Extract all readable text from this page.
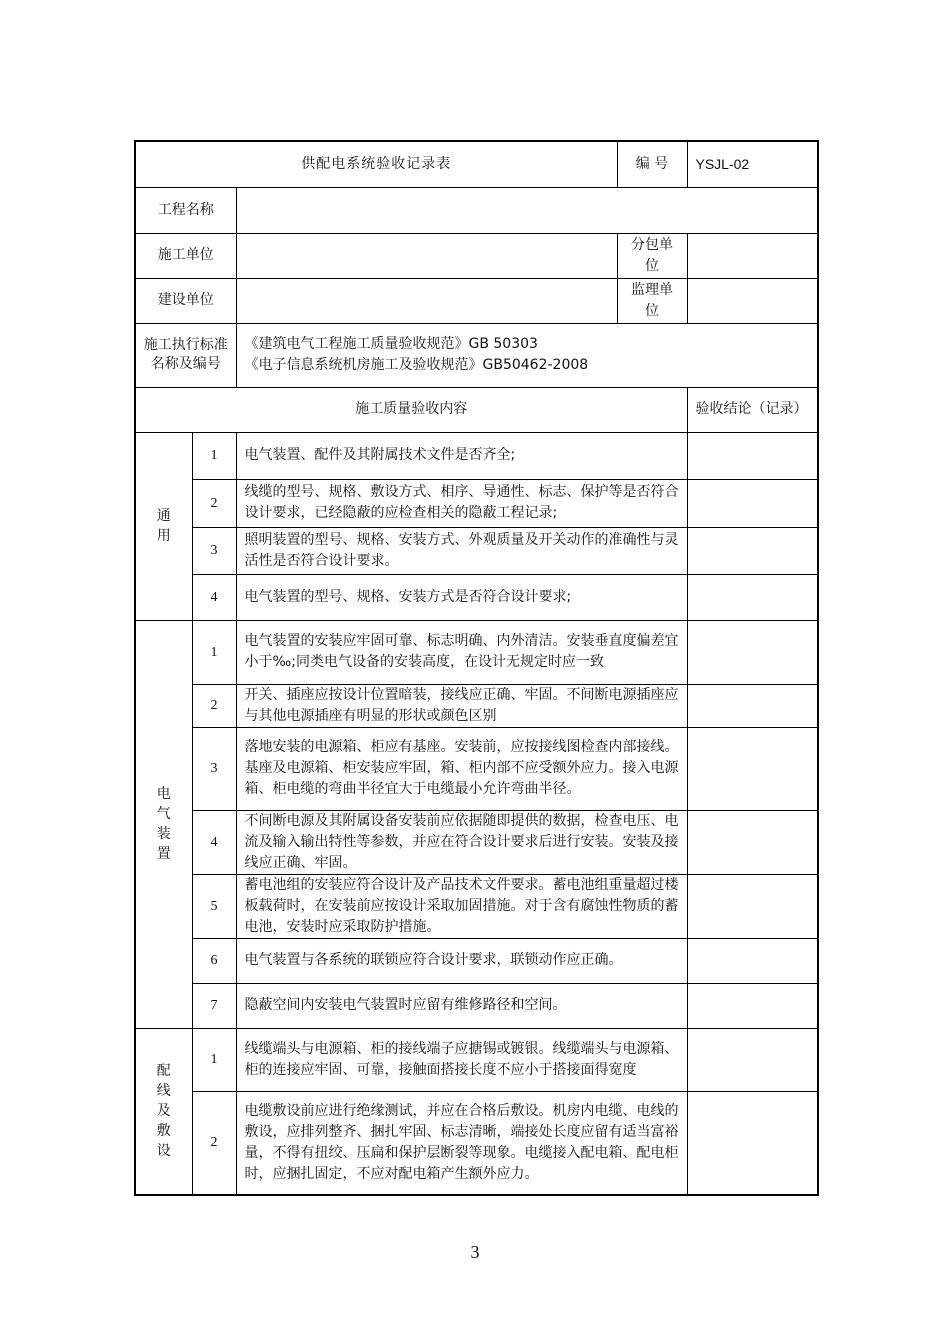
供配电系统验收记录表			编 号	YSJL-02
工程名称				
施工单位			分包单位	
建设单位			监理单位	
施工执行标准名称及编号		《建筑电气工程施工质量验收规范》GB 50303
《电子信息系统机房施工及验收规范》GB50462-2008		

施工质量验收内容				验收结论（记录）

通用	1	电气装置、配件及其附属技术文件是否齐全;		
	2	线缆的型号、规格、敷设方式、相序、导通性、标志、保护等是否符合设计要求，已经隐蔽的应检查相关的隐蔽工程记录;		
	3	照明装置的型号、规格、安装方式、外观质量及开关动作的准确性与灵活性是否符合设计要求。		
	4	电气装置的型号、规格、安装方式是否符合设计要求;		

电气装置	1	电气装置的安装应牢固可靠、标志明确、内外清洁。安装垂直度偏差宜小于‰;同类电气设备的安装高度，在设计无规定时应一致		
	2	开关、插座应按设计位置暗装，接线应正确、牢固。不间断电源插座应与其他电源插座有明显的形状或颜色区别		
	3	落地安装的电源箱、柜应有基座。安装前，应按接线图检查内部接线。基座及电源箱、柜安装应牢固，箱、柜内部不应受额外应力。接入电源箱、柜电缆的弯曲半径宜大于电缆最小允许弯曲半径。		
	4	不间断电源及其附属设备安装前应依据随即提供的数据，检查电压、电流及输入输出特性等参数，并应在符合设计要求后进行安装。安装及接线应正确、牢固。		
	5	蓄电池组的安装应符合设计及产品技术文件要求。蓄电池组重量超过楼板载荷时，在安装前应按设计采取加固措施。对于含有腐蚀性物质的蓄电池，安装时应采取防护措施。		
	6	电气装置与各系统的联锁应符合设计要求，联锁动作应正确。		
	7	隐蔽空间内安装电气装置时应留有维修路径和空间。		

配线及敷设	1	线缆端头与电源箱、柜的接线端子应搪锡或镀银。线缆端头与电源箱、柜的连接应牢固、可靠，接触面搭接长度不应小于搭接面得宽度		
	2	电缆敷设前应进行绝缘测试，并应在合格后敷设。机房内电缆、电线的敷设，应排列整齐、捆扎牢固、标志清晰，端接处长度应留有适当富裕量，不得有扭绞、压扁和保护层断裂等现象。电缆接入配电箱、配电柜时，应捆扎固定，不应对配电箱产生额外应力。		
3
